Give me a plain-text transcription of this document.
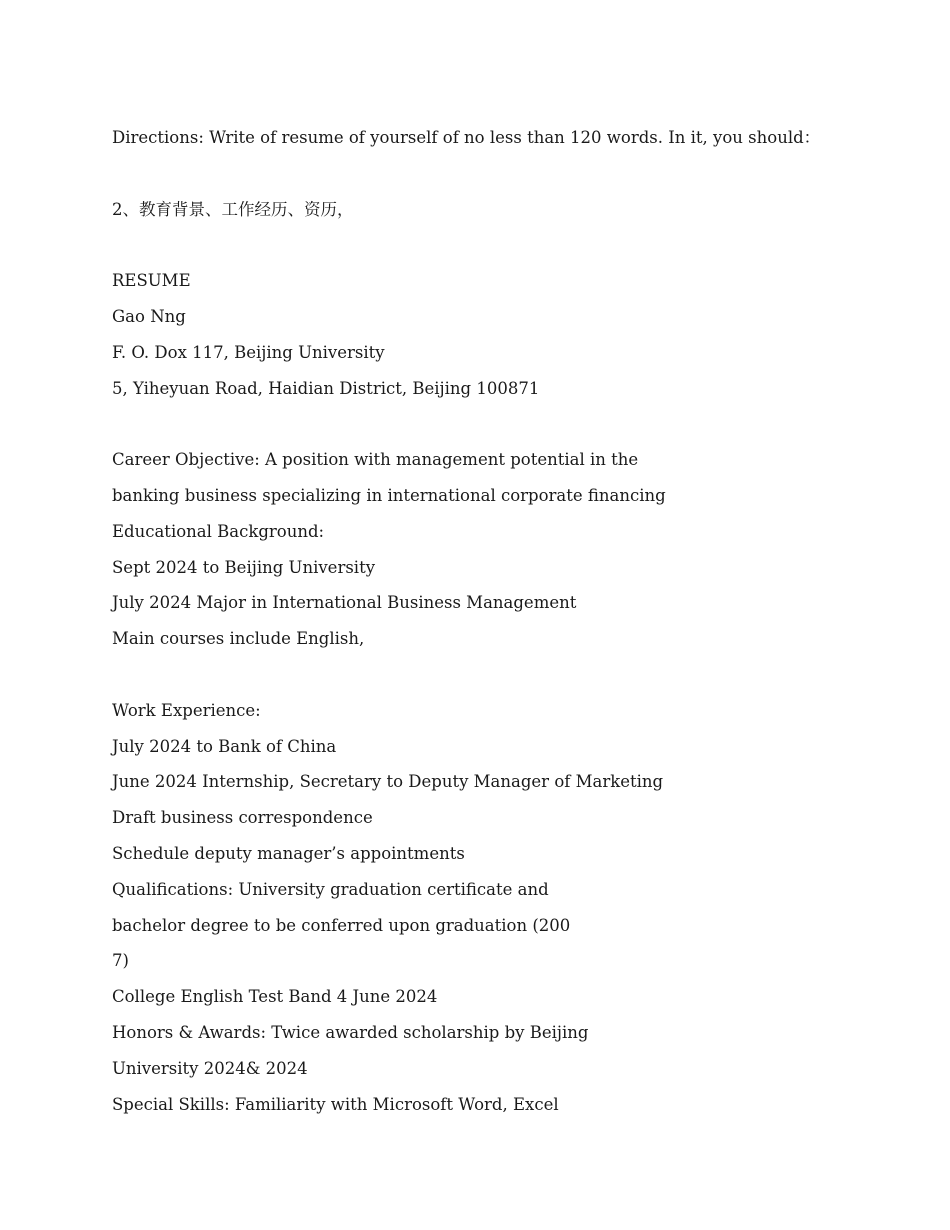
Directions: Write of resume of yourself of no less than 120 words. In it, you should：
2、教育背景、工作经历、资历，
RESUME
Gao Nng
F. O. Dox 117, Beijing University
5, Yiheyuan Road, Haidian District, Beijing 100871
Career Objective: A position with management potential in the
banking business specializing in international corporate financing
Educational Background:
Sept 2024 to Beijing University
July 2024 Major in International Business Management
Main courses include English,
Work Experience:
July 2024 to Bank of China
June 2024 Internship, Secretary to Deputy Manager of Marketing
Draft business correspondence
Schedule deputy manager’s appointments
Qualifications: University graduation certificate and
bachelor degree to be conferred upon graduation (200
7)
College English Test Band 4 June 2024
Honors & Awards: Twice awarded scholarship by Beijing
University 2024& 2024
Special Skills: Familiarity with Microsoft Word, Excel
